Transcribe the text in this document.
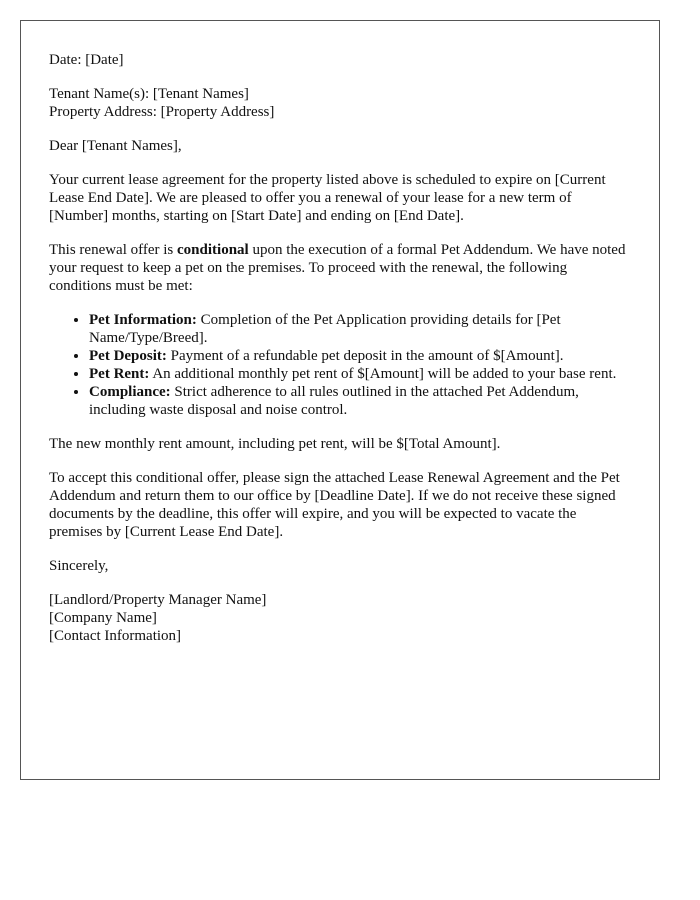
Date: [Date]

Tenant Name(s): [Tenant Names]
Property Address: [Property Address]

Dear [Tenant Names],

Your current lease agreement for the property listed above is scheduled to expire on [Current Lease End Date]. We are pleased to offer you a renewal of your lease for a new term of [Number] months, starting on [Start Date] and ending on [End Date].

This renewal offer is conditional upon the execution of a formal Pet Addendum. We have noted your request to keep a pet on the premises. To proceed with the renewal, the following conditions must be met:

• Pet Information: Completion of the Pet Application providing details for [Pet Name/Type/Breed].
• Pet Deposit: Payment of a refundable pet deposit in the amount of $[Amount].
• Pet Rent: An additional monthly pet rent of $[Amount] will be added to your base rent.
• Compliance: Strict adherence to all rules outlined in the attached Pet Addendum, including waste disposal and noise control.

The new monthly rent amount, including pet rent, will be $[Total Amount].

To accept this conditional offer, please sign the attached Lease Renewal Agreement and the Pet Addendum and return them to our office by [Deadline Date]. If we do not receive these signed documents by the deadline, this offer will expire, and you will be expected to vacate the premises by [Current Lease End Date].

Sincerely,

[Landlord/Property Manager Name]
[Company Name]
[Contact Information]
